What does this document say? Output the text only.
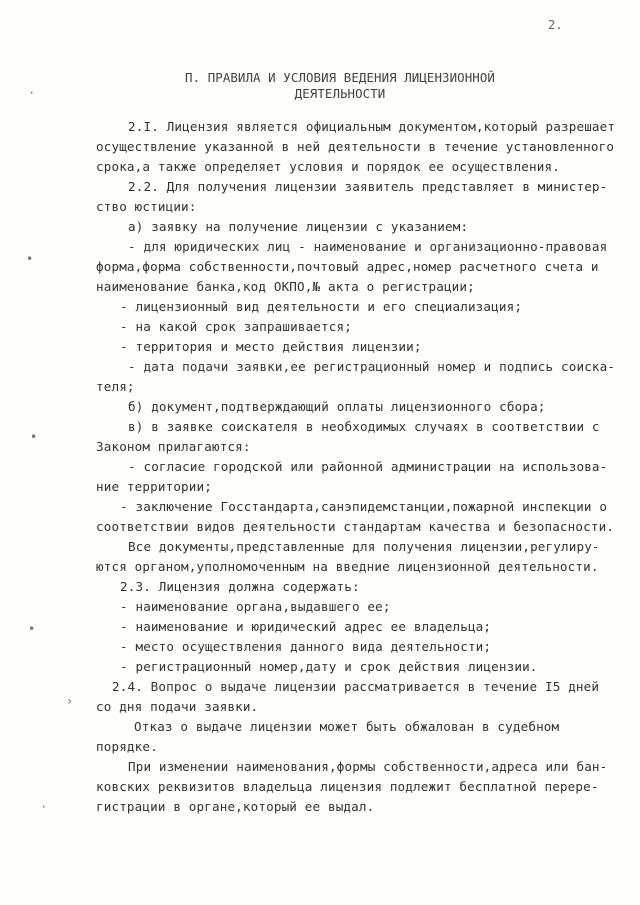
2.
П. ПРАВИЛА И УСЛОВИЯ ВЕДЕНИЯ ЛИЦЕНЗИОННОЙ
ДЕЯТЕЛЬНОСТИ
·
•
•
•
›
·
2.I. Лицензия является официальным документом,который разрешает
осуществление указанной в ней деятельности в течение установленного
срока,а также определяет условия и порядок ее осуществления.
2.2. Для получения лицензии заявитель представляет в министер-
ство юстиции:
а) заявку на получение лицензии с указанием:
- для юридических лиц - наименование и организационно-правовая
форма,форма собственности,почтовый адрес,номер расчетного счета и
наименование банка,код ОКПО,№ акта о регистрации;
- лицензионный вид деятельности и его специализация;
- на какой срок запрашивается;
- территория и место действия лицензии;
- дата подачи заявки,ее регистрационный номер и подпись соиска-
теля;
б) документ,подтверждающий оплаты лицензионного сбора;
в) в заявке соискателя в необходимых случаях в соответствии с
Законом прилагаются:
- согласие городской или районной администрации на использова-
ние территории;
- заключение Госстандарта,санэпидемстанции,пожарной инспекции о
соответствии видов деятельности стандартам качества и безопасности.
Все документы,представленные для получения лицензии,регулиру-
ются органом,уполномоченным на введние лицензионной деятельности.
2.3. Лицензия должна содержать:
- наименование органа,выдавшего ее;
- наименование и юридический адрес ее владельца;
- место осуществления данного вида деятельности;
- регистрационный номер,дату и срок действия лицензии.
2.4. Вопрос о выдаче лицензии рассматривается в течение I5 дней
со дня подачи заявки.
Отказ о выдаче лицензии может быть обжалован в судебном
порядке.
При изменении наименования,формы собственности,адреса или бан-
ковских реквизитов владельца лицензия подлежит бесплатной перере-
гистрации в органе,который ее выдал.
